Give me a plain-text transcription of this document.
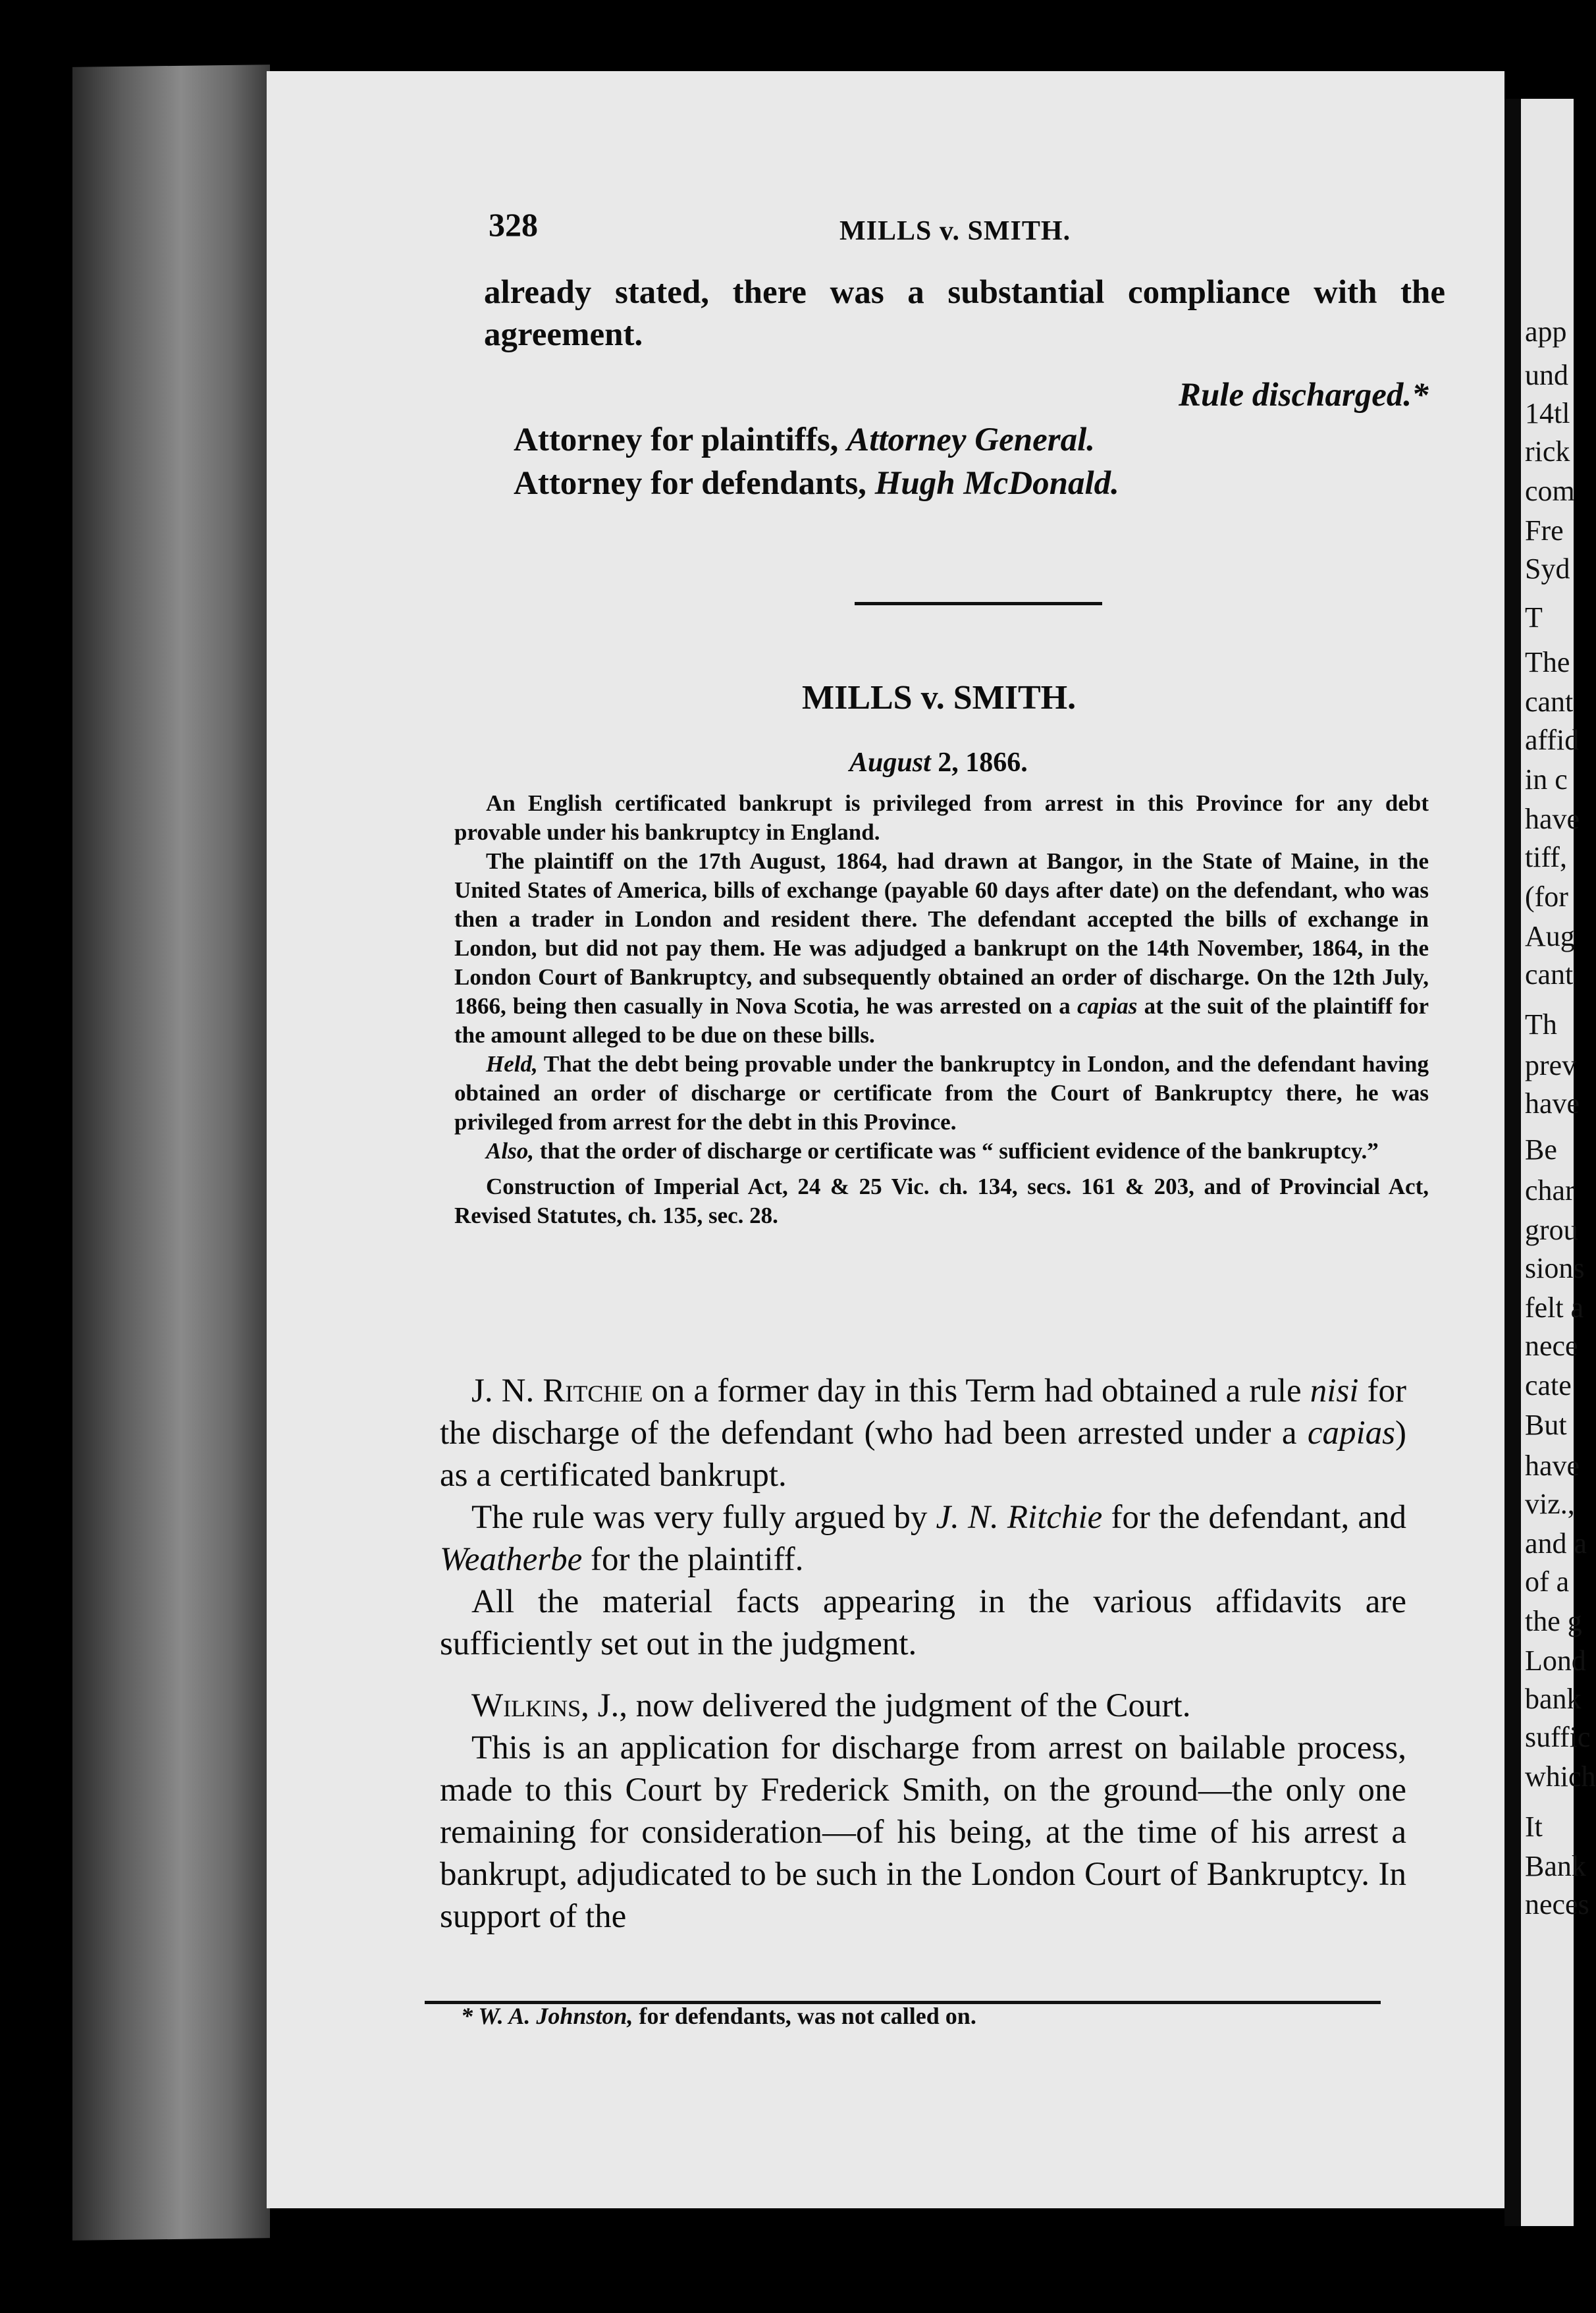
app
und
14tl
rick
com
Fre
Syd
T
The
cant
affid
in c
have
tiff,
(for
Aug
cant
Th
prev
have
Be
char
grou
sions
felt a
nece
cate
But
have
viz.,
and a
of a
the g
Lond
bank
suffic
which
It
Bank
neces
328	MILLS v. SMITH.
already stated, there was a substantial compliance with the
agreement.
Rule discharged.*
Attorney for plaintiffs, Attorney General.
Attorney for defendants, Hugh McDonald.
MILLS v. SMITH.
August 2, 1866.

An English certificated bankrupt is privileged from arrest in this Province for any debt provable under his bankruptcy in England.

The plaintiff on the 17th August, 1864, had drawn at Bangor, in the State of Maine, in the United States of America, bills of exchange (payable 60 days after date) on the defendant, who was then a trader in London and resident there. The defendant accepted the bills of exchange in London, but did not pay them. He was adjudged a bankrupt on the 14th November, 1864, in the London Court of Bankruptcy, and subsequently obtained an order of discharge. On the 12th July, 1866, being then casually in Nova Scotia, he was arrested on a capias at the suit of the plaintiff for the amount alleged to be due on these bills.

Held, That the debt being provable under the bankruptcy in London, and the defendant having obtained an order of discharge or certificate from the Court of Bankruptcy there, he was privileged from arrest for the debt in this Province.

Also, that the order of discharge or certificate was “ sufficient evidence of the bankruptcy.”

Construction of Imperial Act, 24 & 25 Vic. ch. 134, secs. 161 & 203, and of Provincial Act, Revised Statutes, ch. 135, sec. 28.

J. N. Ritchie on a former day in this Term had obtained a rule nisi for the discharge of the defendant (who had been arrested under a capias) as a certificated bankrupt.

The rule was very fully argued by J. N. Ritchie for the defendant, and Weatherbe for the plaintiff.

All the material facts appearing in the various affidavits are sufficiently set out in the judgment.

Wilkins, J., now delivered the judgment of the Court.

This is an application for discharge from arrest on bailable process, made to this Court by Frederick Smith, on the ground—the only one remaining for consideration—of his being, at the time of his arrest a bankrupt, adjudicated to be such in the London Court of Bankruptcy. In support of the

* W. A. Johnston, for defendants, was not called on.
